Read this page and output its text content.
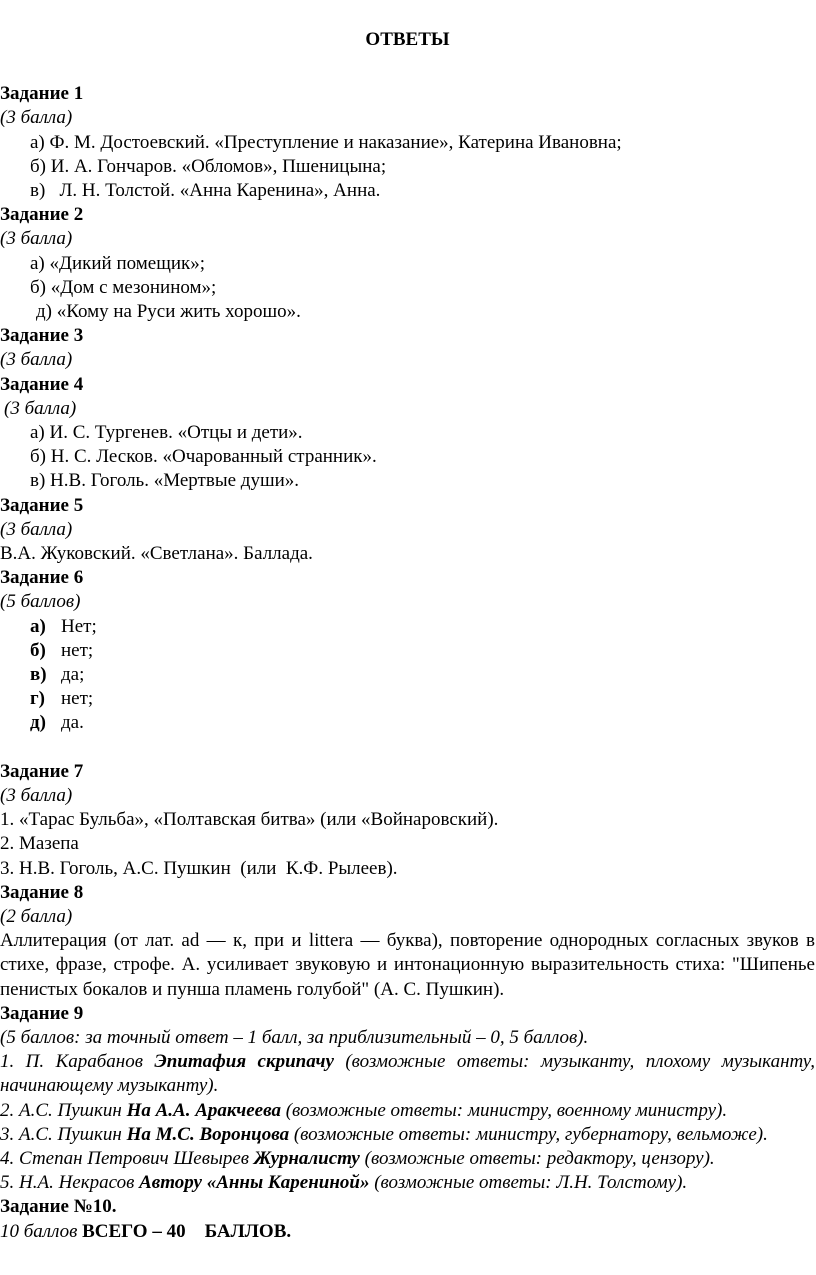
ОТВЕТЫ

Задание 1

(3 балла)

а) Ф. М. Достоевский. «Преступление и наказание», Катерина Ивановна;

б) И. А. Гончаров. «Обломов», Пшеницына;

в)   Л. Н. Толстой. «Анна Каренина», Анна.

Задание 2

(3 балла)

а) «Дикий помещик»;

б) «Дом с мезонином»;

д) «Кому на Руси жить хорошо».

Задание 3

(3 балла)

Задание 4

(3 балла)

а) И. С. Тургенев. «Отцы и дети».

б) Н. С. Лесков. «Очарованный странник».

в) Н.В. Гоголь. «Мертвые души».

Задание 5

(3 балла)

В.А. Жуковский. «Светлана». Баллада.

Задание 6

(5 баллов)

а) Нет;

б) нет;

в) да;

г) нет;

д) да.

Задание 7

(3 балла)

1. «Тарас Бульба», «Полтавская битва» (или «Войнаровский).

2. Мазепа

3. Н.В. Гоголь, А.С. Пушкин  (или  К.Ф. Рылеев).

Задание 8

(2 балла)

Аллитерация (от лат. ad — к, при и littera — буква), повторение однородных согласных звуков в стихе, фразе, строфе. А. усиливает звуковую и интонационную выразительность стиха: "Шипенье пенистых бокалов и пунша пламень голубой" (А. С. Пушкин).

Задание 9

(5 баллов: за точный ответ – 1 балл, за приблизительный – 0, 5 баллов).

1. П. Карабанов Эпитафия скрипачу (возможные ответы: музыканту, плохому музыканту, начинающему музыканту).

2. А.С. Пушкин На А.А. Аракчеева (возможные ответы: министру, военному министру).

3. А.С. Пушкин На М.С. Воронцова (возможные ответы: министру, губернатору, вельможе).

4. Степан Петрович Шевырев Журналисту (возможные ответы: редактору, цензору).

5. Н.А. Некрасов Автору «Анны Карениной» (возможные ответы: Л.Н. Толстому).

Задание №10.

10 баллов ВСЕГО – 40    БАЛЛОВ.
